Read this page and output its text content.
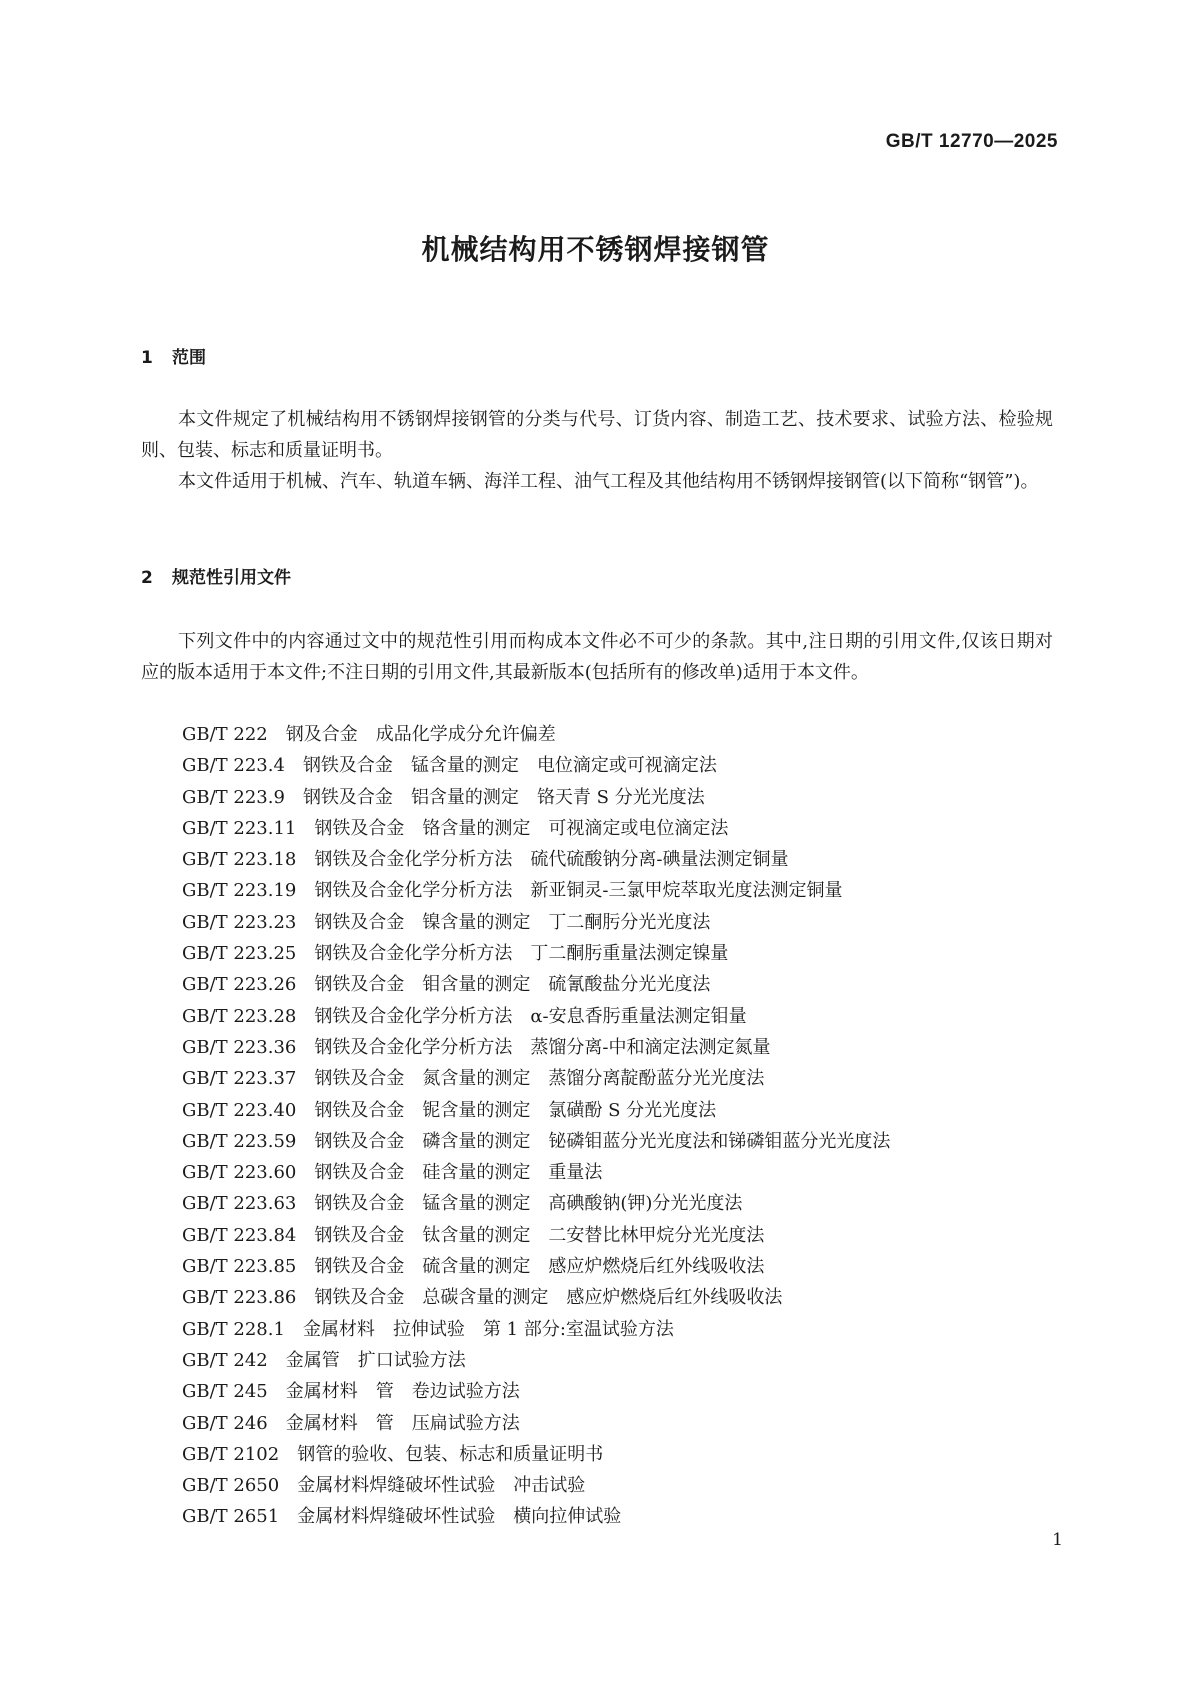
GB/T 12770—2025
机械结构用不锈钢焊接钢管
1 范围

本文件规定了机械结构用不锈钢焊接钢管的分类与代号、订货内容、制造工艺、技术要求、试验方法、检验规则、包装、标志和质量证明书。

本文件适用于机械、汽车、轨道车辆、海洋工程、油气工程及其他结构用不锈钢焊接钢管(以下简称“钢管”)。

2 规范性引用文件

下列文件中的内容通过文中的规范性引用而构成本文件必不可少的条款。其中,注日期的引用文件,仅该日期对应的版本适用于本文件;不注日期的引用文件,其最新版本(包括所有的修改单)适用于本文件。

GB/T 222 钢及合金 成品化学成分允许偏差
GB/T 223.4 钢铁及合金 锰含量的测定 电位滴定或可视滴定法
GB/T 223.9 钢铁及合金 铝含量的测定 铬天青 S 分光光度法
GB/T 223.11 钢铁及合金 铬含量的测定 可视滴定或电位滴定法
GB/T 223.18 钢铁及合金化学分析方法 硫代硫酸钠分离-碘量法测定铜量
GB/T 223.19 钢铁及合金化学分析方法 新亚铜灵-三氯甲烷萃取光度法测定铜量
GB/T 223.23 钢铁及合金 镍含量的测定 丁二酮肟分光光度法
GB/T 223.25 钢铁及合金化学分析方法 丁二酮肟重量法测定镍量
GB/T 223.26 钢铁及合金 钼含量的测定 硫氰酸盐分光光度法
GB/T 223.28 钢铁及合金化学分析方法 α-安息香肟重量法测定钼量
GB/T 223.36 钢铁及合金化学分析方法 蒸馏分离-中和滴定法测定氮量
GB/T 223.37 钢铁及合金 氮含量的测定 蒸馏分离靛酚蓝分光光度法
GB/T 223.40 钢铁及合金 铌含量的测定 氯磺酚 S 分光光度法
GB/T 223.59 钢铁及合金 磷含量的测定 铋磷钼蓝分光光度法和锑磷钼蓝分光光度法
GB/T 223.60 钢铁及合金 硅含量的测定 重量法
GB/T 223.63 钢铁及合金 锰含量的测定 高碘酸钠(钾)分光光度法
GB/T 223.84 钢铁及合金 钛含量的测定 二安替比林甲烷分光光度法
GB/T 223.85 钢铁及合金 硫含量的测定 感应炉燃烧后红外线吸收法
GB/T 223.86 钢铁及合金 总碳含量的测定 感应炉燃烧后红外线吸收法
GB/T 228.1 金属材料 拉伸试验 第 1 部分:室温试验方法
GB/T 242 金属管 扩口试验方法
GB/T 245 金属材料 管 卷边试验方法
GB/T 246 金属材料 管 压扁试验方法
GB/T 2102 钢管的验收、包装、标志和质量证明书
GB/T 2650 金属材料焊缝破坏性试验 冲击试验
GB/T 2651 金属材料焊缝破坏性试验 横向拉伸试验
1
